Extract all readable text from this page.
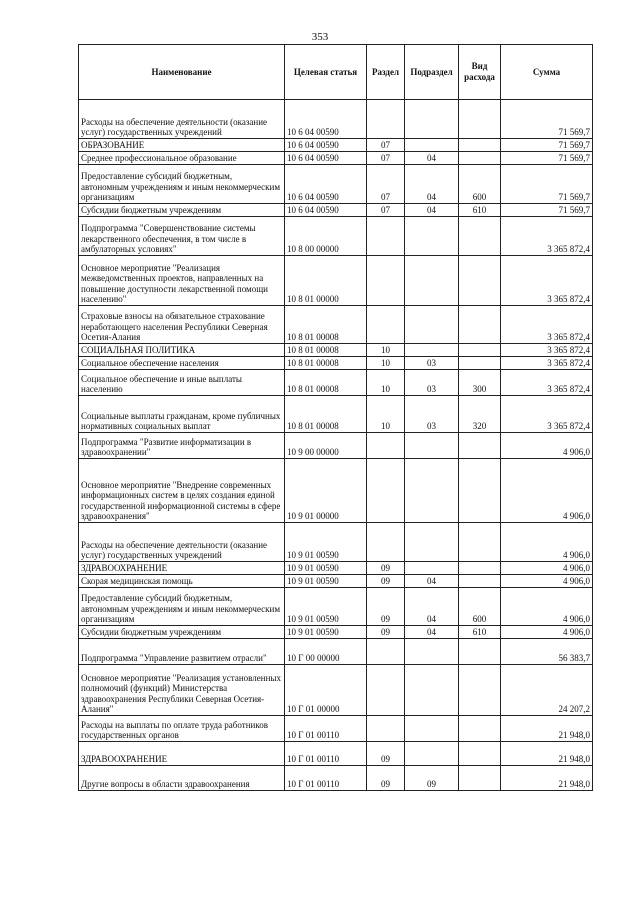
353
Наименование	Целевая статья	Раздел	Подраздел	Вид расхода	Сумма
Расходы на обеспечение деятельности (оказание услуг) государственных учреждений	10 6 04 00590				71 569,7
ОБРАЗОВАНИЕ	10 6 04 00590	07			71 569,7
Среднее профессиональное образование	10 6 04 00590	07	04		71 569,7
Предоставление субсидий бюджетным, автономным учреждениям и иным некоммерческим организациям	10 6 04 00590	07	04	600	71 569,7
Субсидии бюджетным учреждениям	10 6 04 00590	07	04	610	71 569,7
Подпрограмма "Совершенствование системы лекарственного обеспечения, в том числе в амбулаторных условиях"	10 8 00 00000				3 365 872,4
Основное мероприятие "Реализация межведомственных проектов, направленных на повышение доступности лекарственной помощи населению"	10 8 01 00000				3 365 872,4
Страховые взносы на обязательное страхование неработающего населения Республики Северная Осетия-Алания	10 8 01 00008				3 365 872,4
СОЦИАЛЬНАЯ ПОЛИТИКА	10 8 01 00008	10			3 365 872,4
Социальное обеспечение населения	10 8 01 00008	10	03		3 365 872,4
Социальное обеспечение и иные выплаты населению	10 8 01 00008	10	03	300	3 365 872,4
Социальные выплаты гражданам, кроме публичных нормативных социальных выплат	10 8 01 00008	10	03	320	3 365 872,4
Подпрограмма "Развитие информатизации в здравоохранении"	10 9 00 00000				4 906,0
Основное мероприятие "Внедрение современных информационных систем в целях создания единой государственной информационной системы в сфере здравоохранения"	10 9 01 00000				4 906,0
Расходы на обеспечение деятельности (оказание услуг) государственных учреждений	10 9 01 00590				4 906,0
ЗДРАВООХРАНЕНИЕ	10 9 01 00590	09			4 906,0
Скорая медицинская помощь	10 9 01 00590	09	04		4 906,0
Предоставление субсидий бюджетным, автономным учреждениям и иным некоммерческим организациям	10 9 01 00590	09	04	600	4 906,0
Субсидии бюджетным учреждениям	10 9 01 00590	09	04	610	4 906,0
Подпрограмма "Управление развитием отрасли"	10 Г 00 00000				56 383,7
Основное мероприятие "Реализация установленных полномочий (функций) Министерства здравоохранения Республики Северная Осетия-Алания"	10 Г 01 00000				24 207,2
Расходы на выплаты по оплате труда работников государственных органов	10 Г 01 00110				21 948,0
ЗДРАВООХРАНЕНИЕ	10 Г 01 00110	09			21 948,0
Другие вопросы в области здравоохранения	10 Г 01 00110	09	09		21 948,0
